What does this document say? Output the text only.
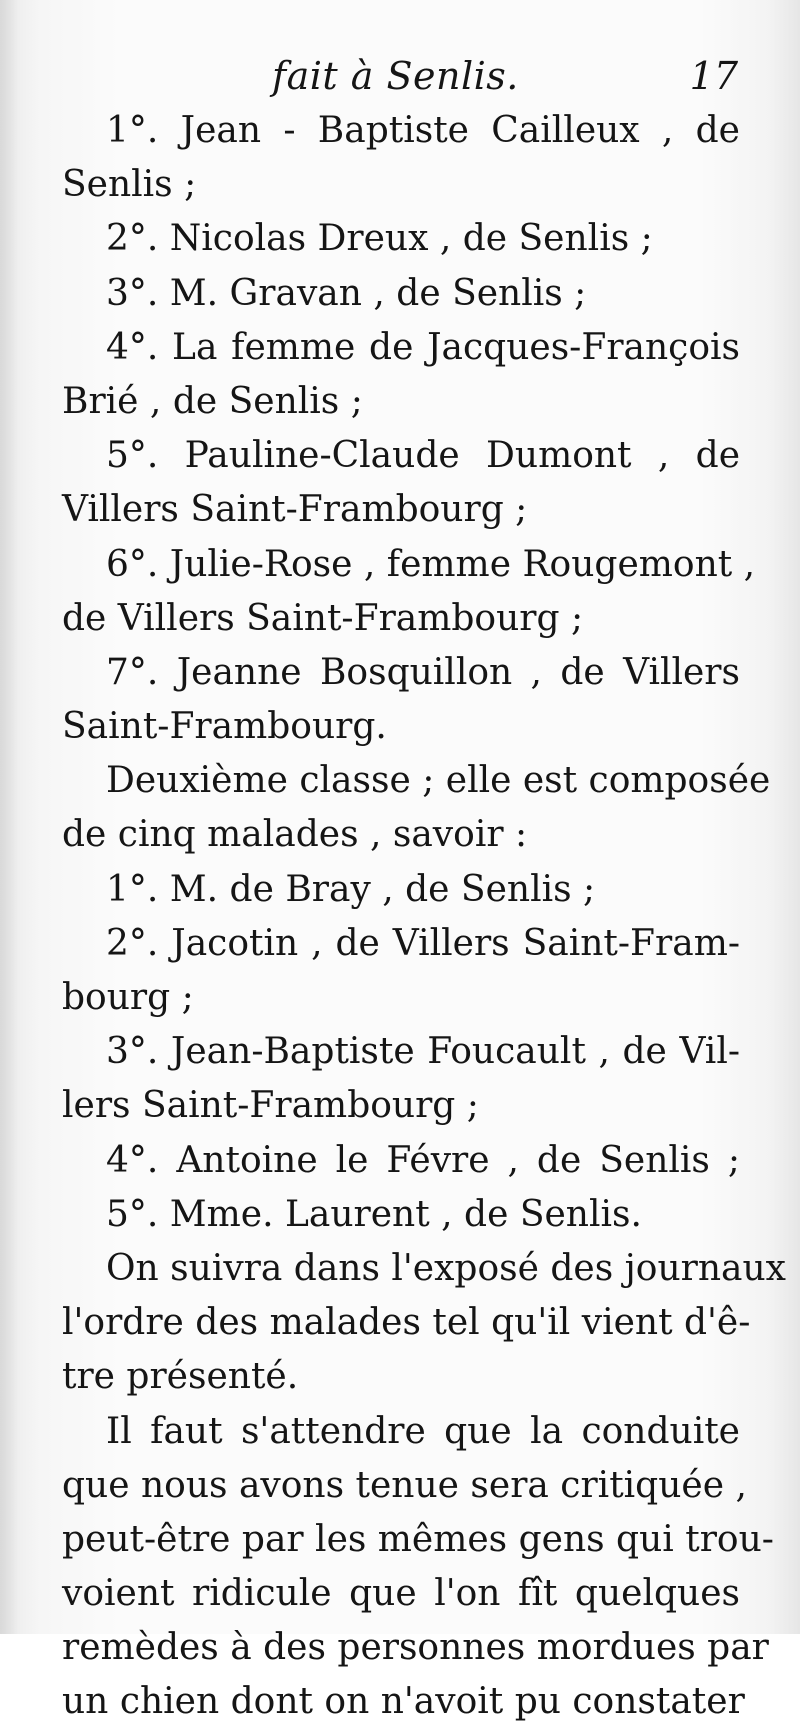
fait à Senlis.	17
1°. Jean - Baptiste Cailleux , de
Senlis ;
2°. Nicolas Dreux , de Senlis ;
3°. M. Gravan , de Senlis ;
4°. La femme de Jacques-François
Brié , de Senlis ;
5°. Pauline-Claude Dumont , de
Villers Saint-Frambourg ;
6°. Julie-Rose , femme Rougemont ,
de Villers Saint-Frambourg ;
7°. Jeanne Bosquillon , de Villers
Saint-Frambourg.
Deuxième classe ; elle est composée
de cinq malades , savoir :
1°. M. de Bray , de Senlis ;
2°. Jacotin , de Villers Saint-Fram-
bourg ;
3°. Jean-Baptiste Foucault , de Vil-
lers Saint-Frambourg ;
4°. Antoine le Févre , de Senlis ;
5°. Mme. Laurent , de Senlis.
On suivra dans l'exposé des journaux
l'ordre des malades tel qu'il vient d'ê-
tre présenté.
Il faut s'attendre que la conduite
que nous avons tenue sera critiquée ,
peut-être par les mêmes gens qui trou-
voient ridicule que l'on fît quelques
remèdes à des personnes mordues par
un chien dont on n'avoit pu constater
